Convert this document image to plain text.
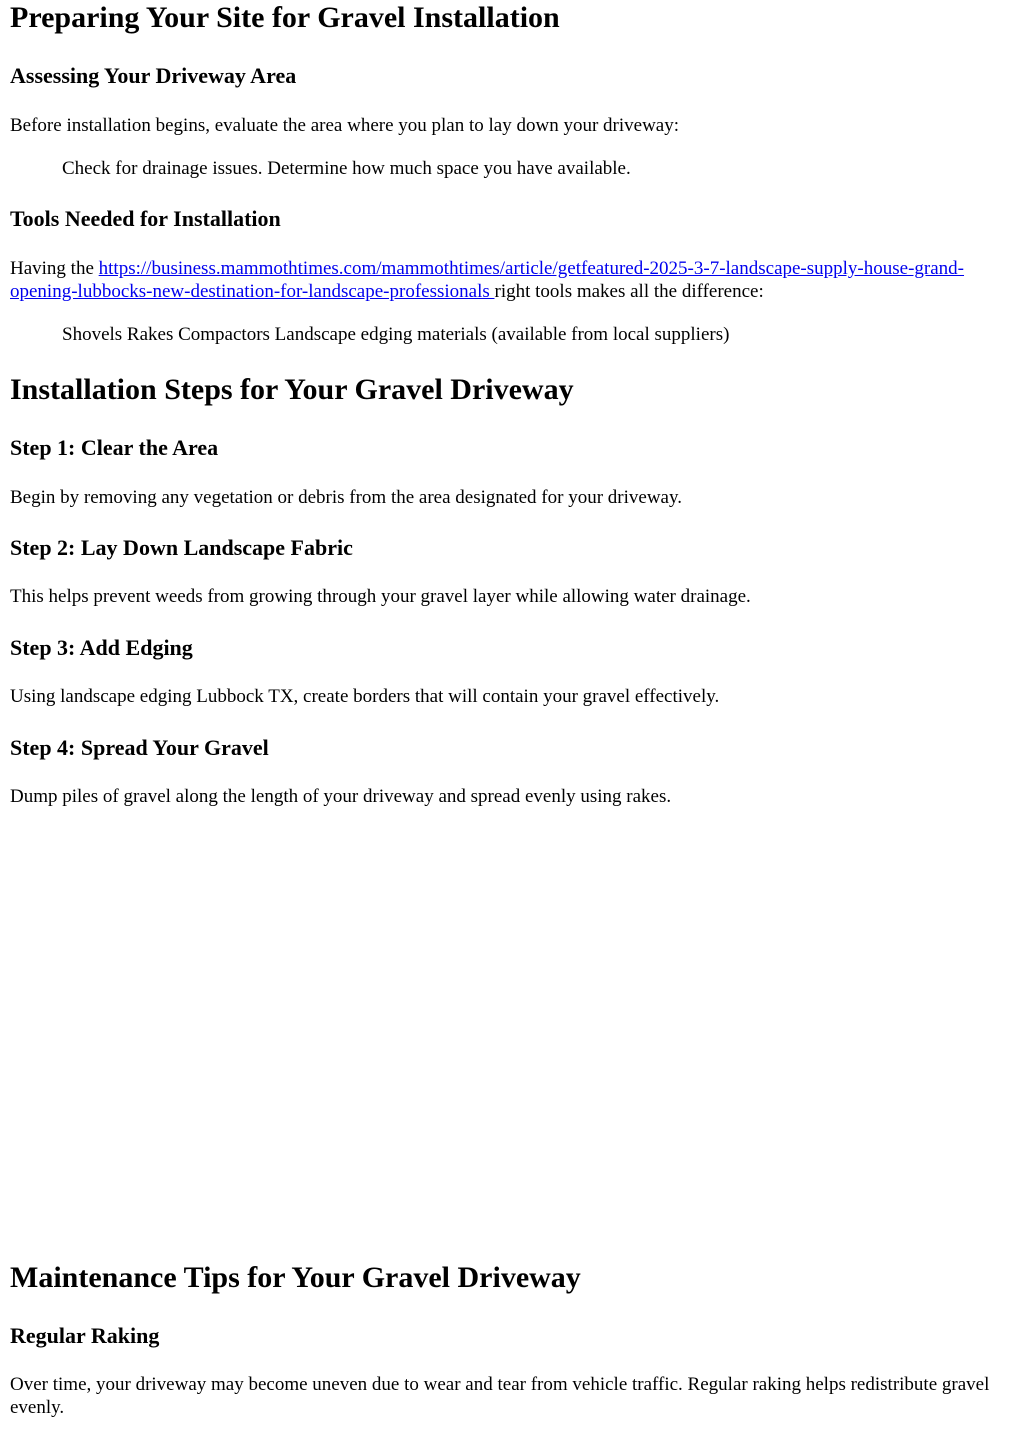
Preparing Your Site for Gravel Installation
Assessing Your Driveway Area

Before installation begins, evaluate the area where you plan to lay down your driveway:

Check for drainage issues. Determine how much space you have available.
Tools Needed for Installation

Having the https://business.mammothtimes.com/mammothtimes/article/getfeatured-2025-3-7-landscape-supply-house-grand-opening-lubbocks-new-destination-for-landscape-professionals right tools makes all the difference:

Shovels Rakes Compactors Landscape edging materials (available from local suppliers)
Installation Steps for Your Gravel Driveway
Step 1: Clear the Area

Begin by removing any vegetation or debris from the area designated for your driveway.

Step 2: Lay Down Landscape Fabric

This helps prevent weeds from growing through your gravel layer while allowing water drainage.

Step 3: Add Edging

Using landscape edging Lubbock TX, create borders that will contain your gravel effectively.

Step 4: Spread Your Gravel

Dump piles of gravel along the length of your driveway and spread evenly using rakes.

Maintenance Tips for Your Gravel Driveway
Regular Raking

Over time, your driveway may become uneven due to wear and tear from vehicle traffic. Regular raking helps redistribute gravel evenly.
